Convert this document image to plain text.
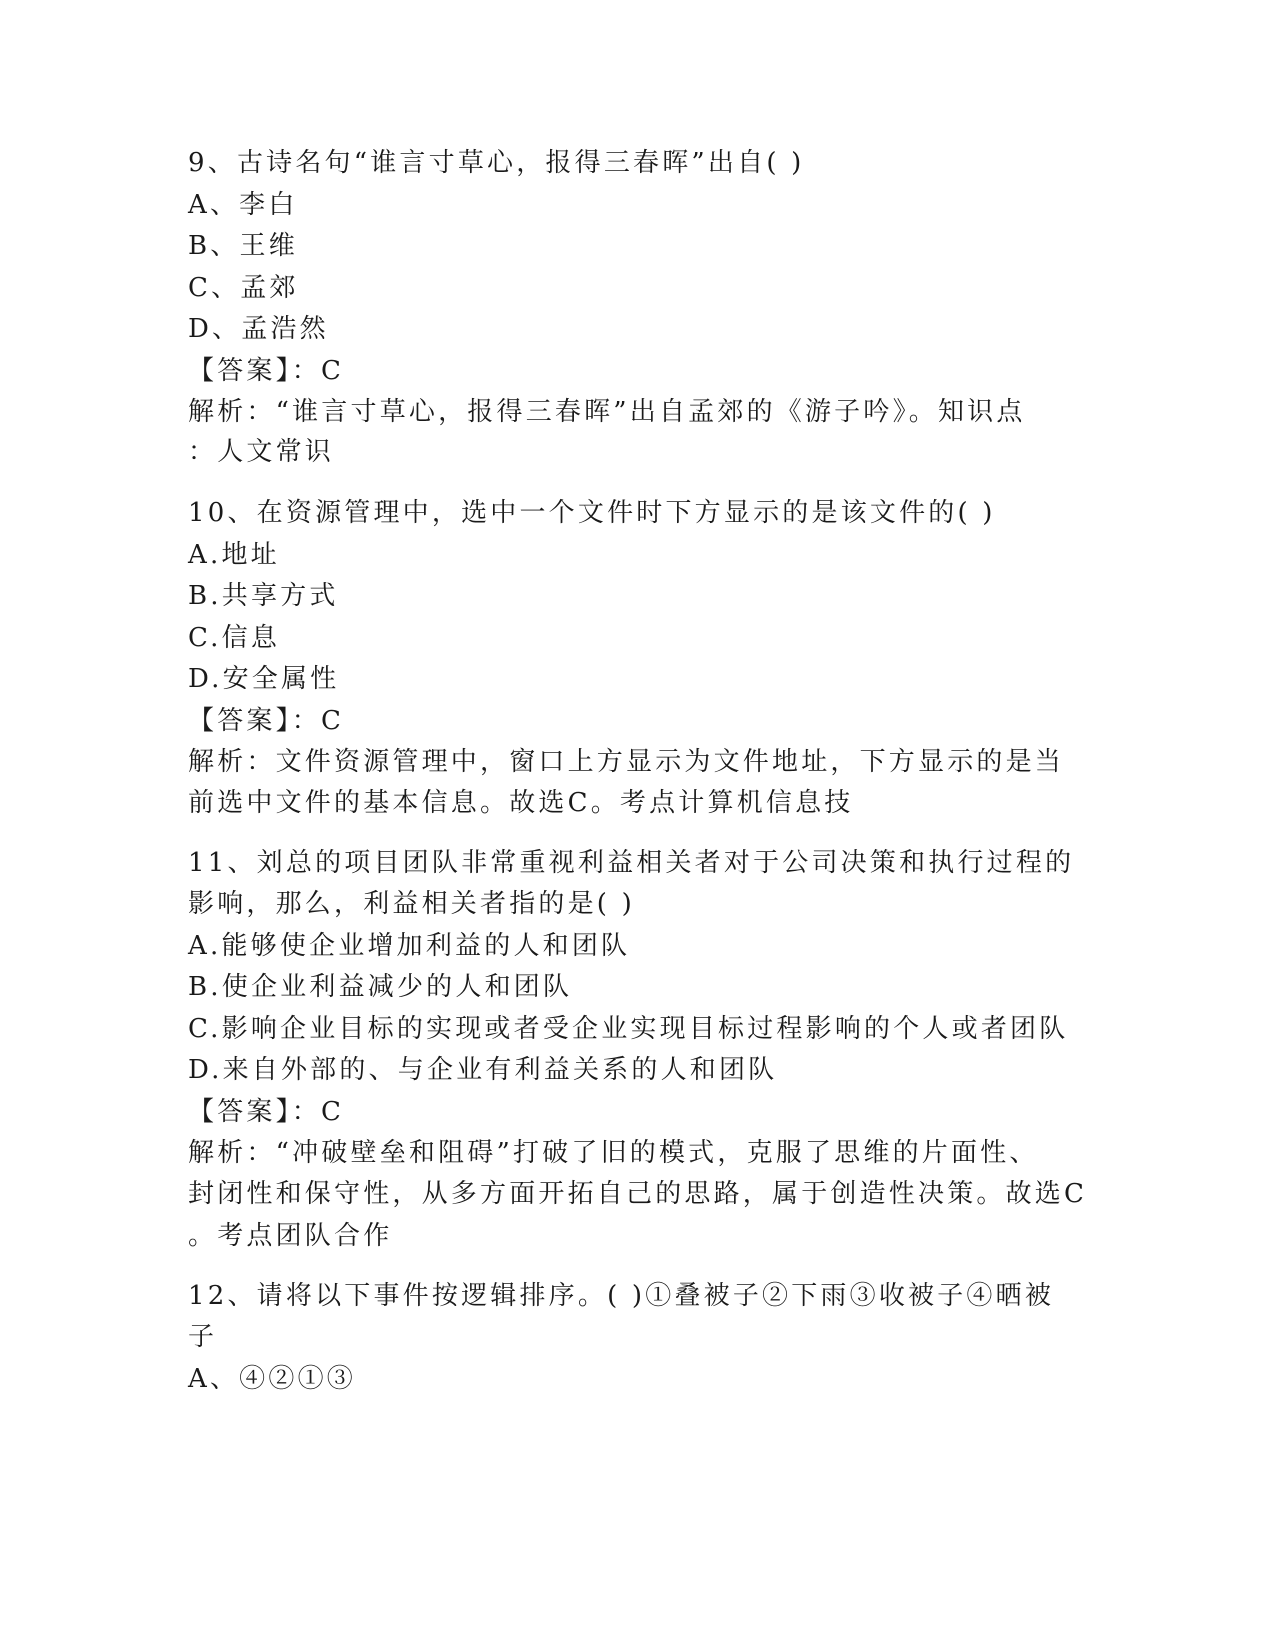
9、古诗名句“谁言寸草心，报得三春晖”出自( )
A、李白
B、王维
C、孟郊
D、孟浩然
【答案】：C
解析：“谁言寸草心，报得三春晖”出自孟郊的《游子吟》。知识点
：人文常识
10、在资源管理中，选中一个文件时下方显示的是该文件的( )
A.地址
B.共享方式
C.信息
D.安全属性
【答案】：C
解析：文件资源管理中，窗口上方显示为文件地址，下方显示的是当
前选中文件的基本信息。故选C。考点计算机信息技
11、刘总的项目团队非常重视利益相关者对于公司决策和执行过程的
影响，那么，利益相关者指的是( )
A.能够使企业增加利益的人和团队
B.使企业利益减少的人和团队
C.影响企业目标的实现或者受企业实现目标过程影响的个人或者团队
D.来自外部的、与企业有利益关系的人和团队
【答案】：C
解析：“冲破壁垒和阻碍”打破了旧的模式，克服了思维的片面性、
封闭性和保守性，从多方面开拓自己的思路，属于创造性决策。故选C
。考点团队合作
12、请将以下事件按逻辑排序。( )①叠被子②下雨③收被子④晒被
子
A、④②①③
